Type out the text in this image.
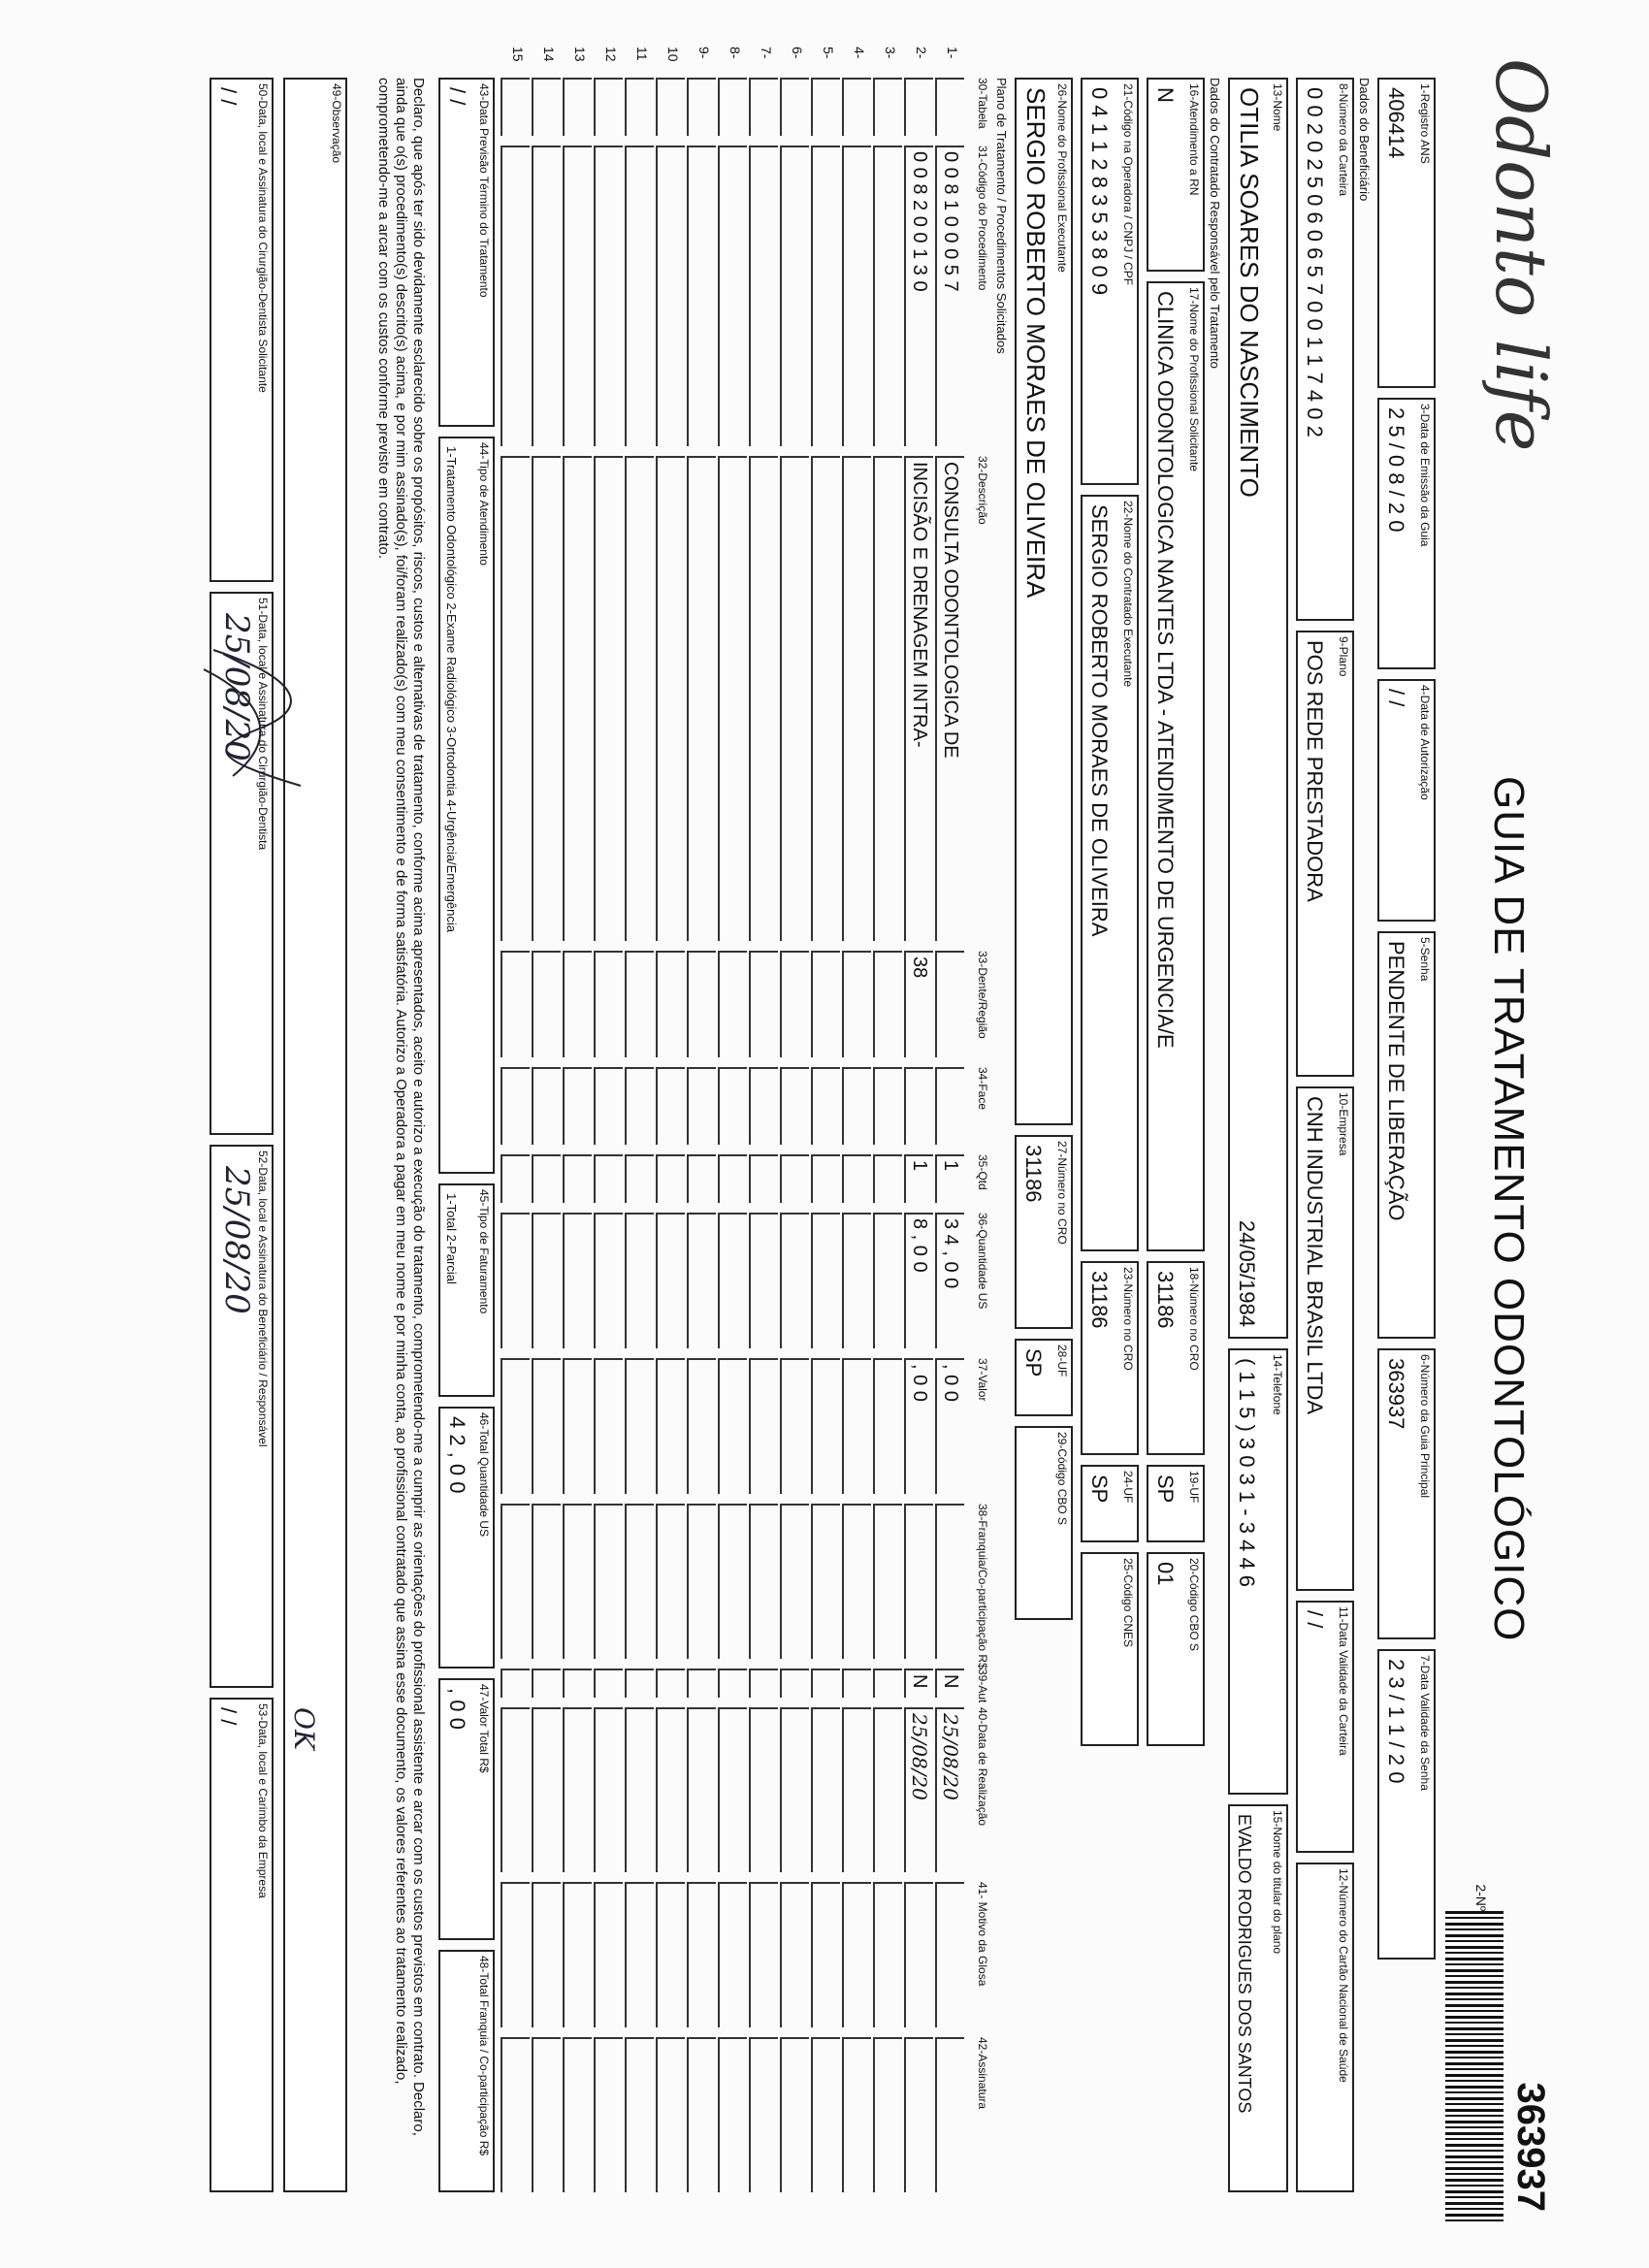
Odonto life
GUIA DE TRATAMENTO ODONTOLÓGICO
363937
2-Nº
1-Registro ANS
406414
3-Data de Emissão da Guia
2 5 / 0 8 / 2 0
4-Data de Autorização
/ /
5-Senha
PENDENTE DE LIBERAÇÃO
6-Número da Guia Principal
363937
7-Data Validade da Senha
2 3 / 1 1 / 2 0
Dados do Beneficiário
8-Número da Carteira
0 0 2 0 2 5 0 6 0 6 5 7 0 0 1 1 7 4 0 2
9-Plano
POS REDE PRESTADORA
10-Empresa
CNH INDUSTRIAL BRASIL LTDA
11-Data Validade da Carteira
/ /
12-Número do Cartão Nacional de Saúde
13-Nome
OTILIA SOARES DO NASCIMENTO
24/05/1984
14-Telefone
( 1 1 5 ) 3 0 3 1 - 3 4 4 6
15-Nome do titular do plano
EVALDO RODRIGUES DOS SANTOS
Dados do Contratado Responsável pelo Tratamento
16-Atendimento a RN
N
17-Nome do Profissional Solicitante
CLINICA ODONTOLOGICA NANTES LTDA - ATENDIMENTO DE URGENCIA/E
18-Número no CRO
31186
19-UF
SP
20-Código CBO S
01
21-Código na Operadora / CNPJ / CPF
0 4 1 1 2 8 3 5 3 8 0 9
22-Nome do Contratado Executante
SERGIO ROBERTO MORAES DE OLIVEIRA
23-Número no CRO
31186
24-UF
SP
25-Código CNES
26-Nome do Profissional Executante
SERGIO ROBERTO MORAES DE OLIVEIRA
27-Número no CRO
31186
28-UF
SP
29-Código CBO S
Plano de Tratamento / Procedimentos Solicitados
30-Tabela
31-Código do Procedimento
32-Descrição
33-Dente/Região
34-Face
35-Qtd
36-Quantidade US
37-Valor
38-Franquia/Co-participação R$
39-Aut
40-Data de Realização
41- Motivo da Glosa
42-Assinatura
1-
0 0 8 1 0 0 0 5 7
CONSULTA ODONTOLOGICA DE
1
3 4 , 0 0
, 0 0
N
25/08/20
2-
0 0 8 2 0 0 1 3 0
INCISÃO E DRENAGEM INTRA-
38
1
8 , 0 0
, 0 0
N
25/08/20
3-
4-
5-
6-
7-
8-
9-
10
11
12
13
14
15
43-Data Previsão Término do Tratamento
/ /
44-Tipo de Atendimento
1-Tratamento Odontológico 2-Exame Radiológico 3-Ortodontia 4-Urgência/Emergência
45-Tipo de Faturamento
1-Total 2-Parcial
46-Total Quantidade US
4 2 , 0 0
47-Valor Total R$
, 0 0
48-Total Franquia / Co-participação R$
Declaro, que após ter sido devidamente esclarecido sobre os propósitos, riscos, custos e alternativas de tratamento, conforme acima apresentados, aceito e autorizo a execução do tratamento, comprometendo-me a cumprir as orientações do profissional assistente e arcar com os custos previstos em contrato. Declaro, ainda que o(s) procedimento(s) descrito(s) acima, e por mim assinado(s), foi/foram realizado(s) com meu consentimento e de forma satisfatória. Autorizo a Operadora a pagar em meu nome e por minha conta, ao profissional contratado que assina esse documento, os valores referentes ao tratamento realizado, comprometendo-me a arcar com os custos conforme previsto em contrato.
49-Observação
50-Data, local e Assinatura do Cirurgião-Dentista Solicitante
/ /
51-Data, local e Assinatura do Cirurgião-Dentista
25/08/20
52-Data, local e Assinatura do Beneficiário / Responsável
25/08/20
53-Data, local e Carimbo da Empresa
/ / OK
